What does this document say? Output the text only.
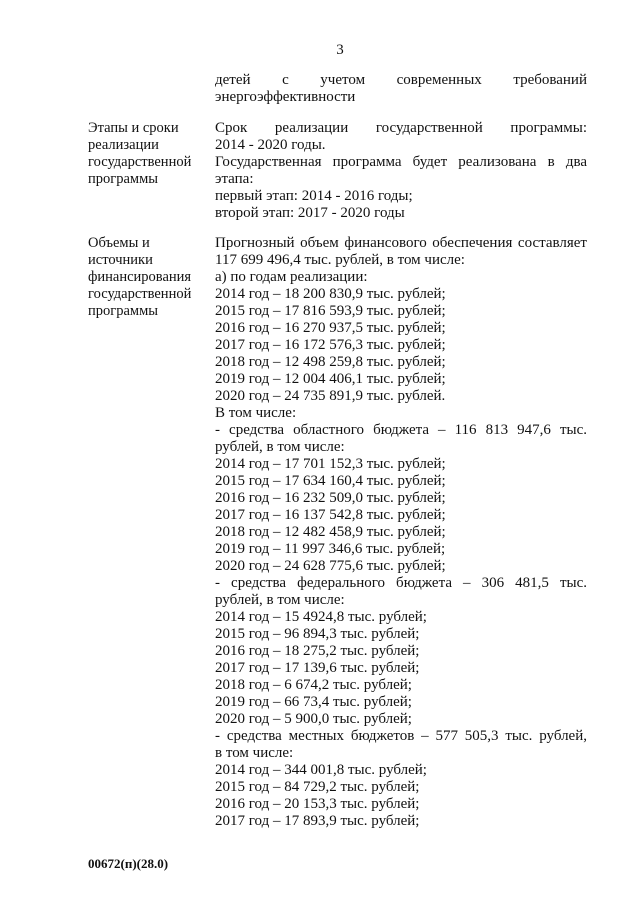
3
детей с учетом современных требований
энергоэффективности
Этапы и сроки
реализации
государственной
программы
Срок реализации государственной программы:
2014 - 2020 годы.
Государственная программа будет реализована в два
этапа:
первый этап: 2014 - 2016 годы;
второй этап: 2017 - 2020 годы
Объемы и
источники
финансирования
государственной
программы
Прогнозный объем финансового обеспечения составляет
117 699 496,4 тыс. рублей, в том числе:
а) по годам реализации:
2014 год – 18 200 830,9 тыс. рублей;
2015 год – 17 816 593,9 тыс. рублей;
2016 год – 16 270 937,5 тыс. рублей;
2017 год – 16 172 576,3 тыс. рублей;
2018 год – 12 498 259,8 тыс. рублей;
2019 год – 12 004 406,1 тыс. рублей;
2020 год – 24 735 891,9 тыс. рублей.
В том числе:
- средства областного бюджета – 116 813 947,6 тыс.
рублей, в том числе:
2014 год – 17 701 152,3 тыс. рублей;
2015 год – 17 634 160,4 тыс. рублей;
2016 год – 16 232 509,0 тыс. рублей;
2017 год – 16 137 542,8 тыс. рублей;
2018 год – 12 482 458,9 тыс. рублей;
2019 год – 11 997 346,6 тыс. рублей;
2020 год – 24 628 775,6 тыс. рублей;
- средства федерального бюджета – 306 481,5 тыс.
рублей, в том числе:
2014 год – 15 4924,8 тыс. рублей;
2015 год – 96 894,3 тыс. рублей;
2016 год – 18 275,2 тыс. рублей;
2017 год – 17 139,6 тыс. рублей;
2018 год – 6 674,2 тыс. рублей;
2019 год – 66 73,4 тыс. рублей;
2020 год – 5 900,0 тыс. рублей;
- средства местных бюджетов – 577 505,3 тыс. рублей,
в том числе:
2014 год – 344 001,8 тыс. рублей;
2015 год – 84 729,2 тыс. рублей;
2016 год – 20 153,3 тыс. рублей;
2017 год – 17 893,9 тыс. рублей;
00672(п)(28.0)
